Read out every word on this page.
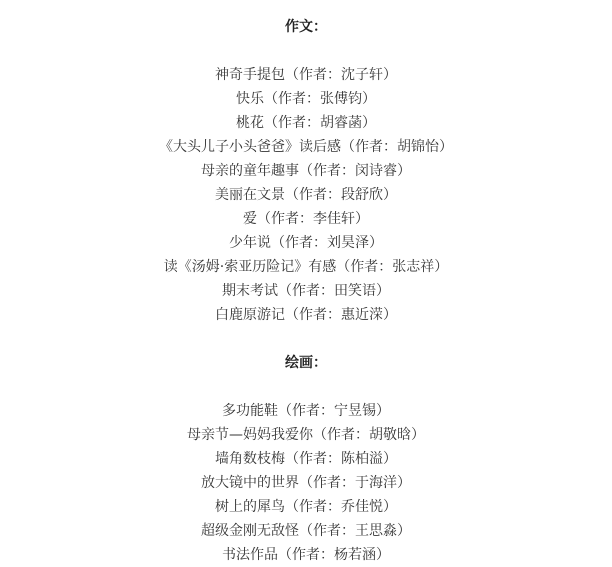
作文：

神奇手提包（作者：沈子轩）
快乐（作者：张傅钧）
桃花（作者：胡睿菡）
《大头儿子小头爸爸》读后感（作者：胡锦怡）
母亲的童年趣事（作者：闵诗睿）
美丽在文景（作者：段舒欣）
爱（作者：李佳轩）
少年说（作者：刘昊泽）
读《汤姆·索亚历险记》有感（作者：张志祥）
期末考试（作者：田笑语）
白鹿原游记（作者：惠近溁）

绘画：

多功能鞋（作者：宁昱锡）
母亲节—妈妈我爱你（作者：胡敬晗）
墙角数枝梅（作者：陈柏溢）
放大镜中的世界（作者：于海洋）
树上的犀鸟（作者：乔佳悦）
超级金刚无敌怪（作者：王思淼）
书法作品（作者：杨若涵）
